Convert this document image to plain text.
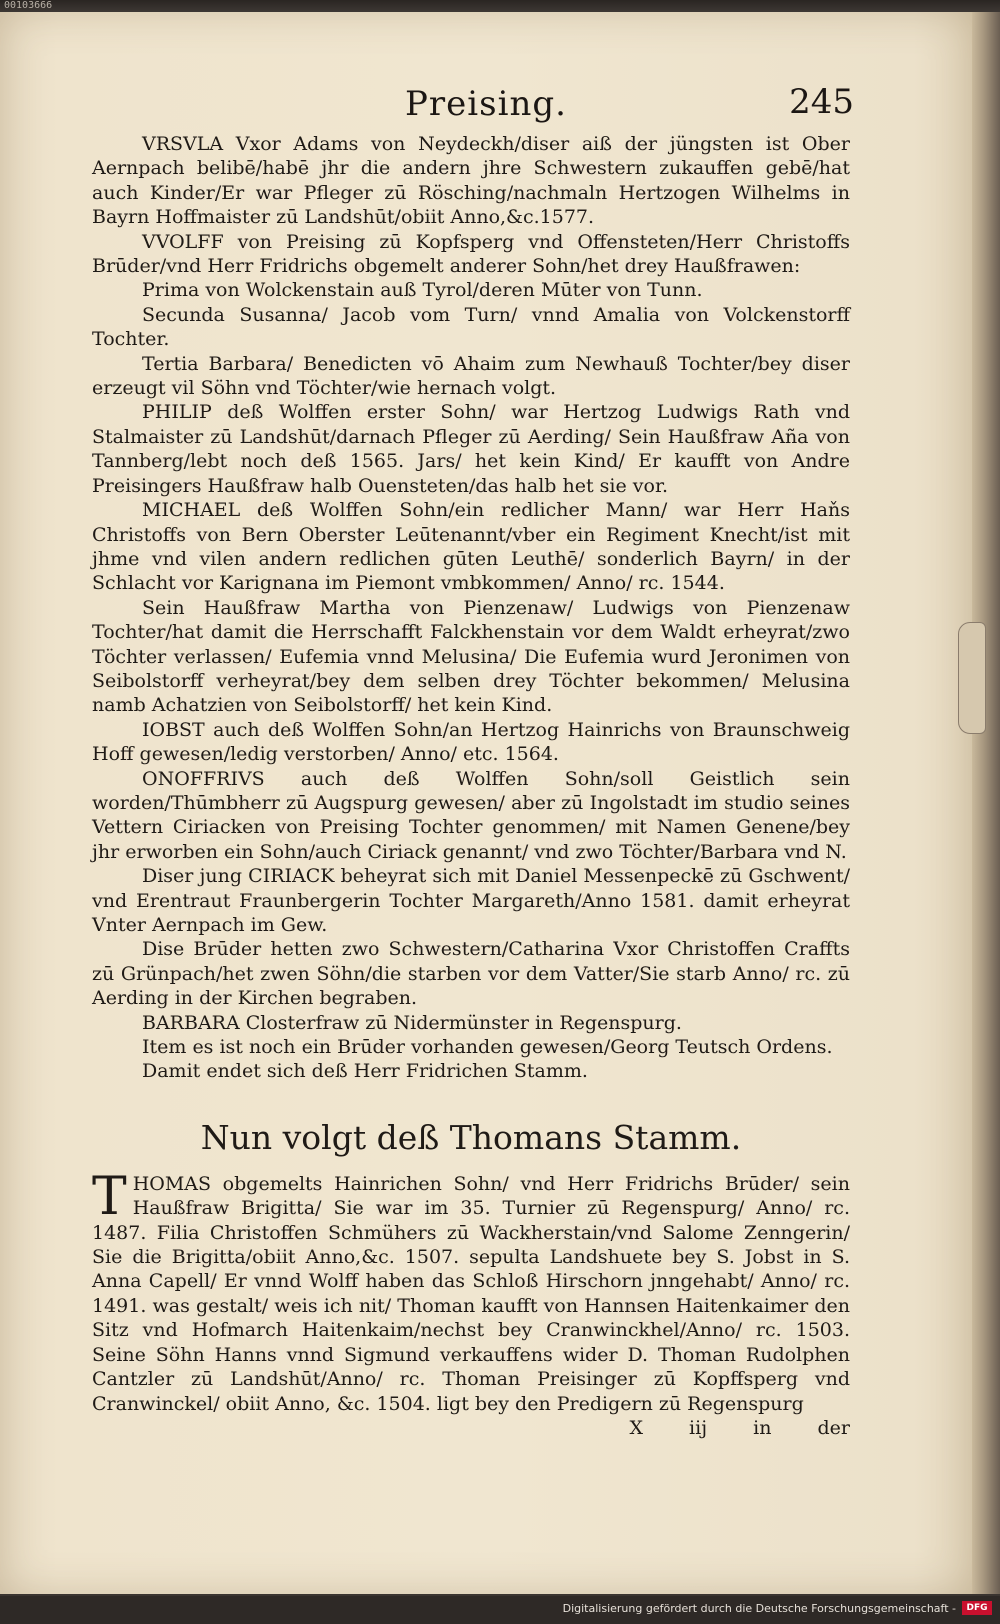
00103666
Preising.	245

VRSVLA Vxor Adams von Neydeckh/diser aiß der jüngsten ist Ober Aernpach belibē/habē jhr die andern jhre Schwestern zukauffen gebē/hat auch Kinder/Er war Pfleger zū Rösching/nachmaln Hertzogen Wilhelms in Bayrn Hoffmaister zū Landshūt/obiit Anno,&c.1577.

VVOLFF von Preising zū Kopfsperg vnd Offensteten/Herr Christoffs Brūder/vnd Herr Fridrichs obgemelt anderer Sohn/het drey Haußfrawen:

Prima von Wolckenstain auß Tyrol/deren Mūter von Tunn.

Secunda Susanna/ Jacob vom Turn/ vnnd Amalia von Volckenstorff Tochter.

Tertia Barbara/ Benedicten vō Ahaim zum Newhauß Tochter/bey diser erzeugt vil Söhn vnd Töchter/wie hernach volgt.

PHILIP deß Wolffen erster Sohn/ war Hertzog Ludwigs Rath vnd Stalmaister zū Landshūt/darnach Pfleger zū Aerding/ Sein Haußfraw Aña von Tannberg/lebt noch deß 1565. Jars/ het kein Kind/ Er kaufft von Andre Preisingers Haußfraw halb Ouensteten/das halb het sie vor.

MICHAEL deß Wolffen Sohn/ein redlicher Mann/ war Herr Haňs Christoffs von Bern Oberster Leūtenannt/vber ein Regiment Knecht/ist mit jhme vnd vilen andern redlichen gūten Leuthē/ sonderlich Bayrn/ in der Schlacht vor Karignana im Piemont vmbkommen/ Anno/ rc. 1544.

Sein Haußfraw Martha von Pienzenaw/ Ludwigs von Pienzenaw Tochter/hat damit die Herrschafft Falckhenstain vor dem Waldt erheyrat/zwo Töchter verlassen/ Eufemia vnnd Melusina/ Die Eufemia wurd Jeronimen von Seibolstorff verheyrat/bey dem selben drey Töchter bekommen/ Melusina namb Achatzien von Seibolstorff/ het kein Kind.

IOBST auch deß Wolffen Sohn/an Hertzog Hainrichs von Braunschweig Hoff gewesen/ledig verstorben/ Anno/ etc. 1564.

ONOFFRIVS auch deß Wolffen Sohn/soll Geistlich sein worden/Thūmbherr zū Augspurg gewesen/ aber zū Ingolstadt im studio seines Vettern Ciriacken von Preising Tochter genommen/ mit Namen Genene/bey jhr erworben ein Sohn/auch Ciriack genannt/ vnd zwo Töchter/Barbara vnd N.

Diser jung CIRIACK beheyrat sich mit Daniel Messenpeckē zū Gschwent/ vnd Erentraut Fraunbergerin Tochter Margareth/Anno 1581. damit erheyrat Vnter Aernpach im Gew.

Dise Brūder hetten zwo Schwestern/Catharina Vxor Christoffen Craffts zū Grünpach/het zwen Söhn/die starben vor dem Vatter/Sie starb Anno/ rc. zū Aerding in der Kirchen begraben.

BARBARA Closterfraw zū Nidermünster in Regenspurg.

Item es ist noch ein Brūder vorhanden gewesen/Georg Teutsch Ordens.

Damit endet sich deß Herr Fridrichen Stamm.

Nun volgt deß Thomans Stamm.

THOMAS obgemelts Hainrichen Sohn/ vnd Herr Fridrichs Brūder/ sein Haußfraw Brigitta/ Sie war im 35. Turnier zū Regenspurg/ Anno/ rc. 1487. Filia Christoffen Schmühers zū Wackherstain/vnd Salome Zenngerin/ Sie die Brigitta/obiit Anno,&c. 1507. sepulta Landshuete bey S. Jobst in S. Anna Capell/ Er vnnd Wolff haben das Schloß Hirschorn jnngehabt/ Anno/ rc. 1491. was gestalt/ weis ich nit/ Thoman kaufft von Hannsen Haitenkaimer den Sitz vnd Hofmarch Haitenkaim/nechst bey Cranwinckhel/Anno/ rc. 1503. Seine Söhn Hanns vnnd Sigmund verkauffens wider D. Thoman Rudolphen Cantzler zū Landshūt/Anno/ rc. Thoman Preisinger zū Kopffsperg vnd Cranwinckel/ obiit Anno, &c. 1504. ligt bey den Predigern zū Regenspurg

X iij in der

Digitalisierung gefördert durch die Deutsche Forschungsgemeinschaft -	DFG
